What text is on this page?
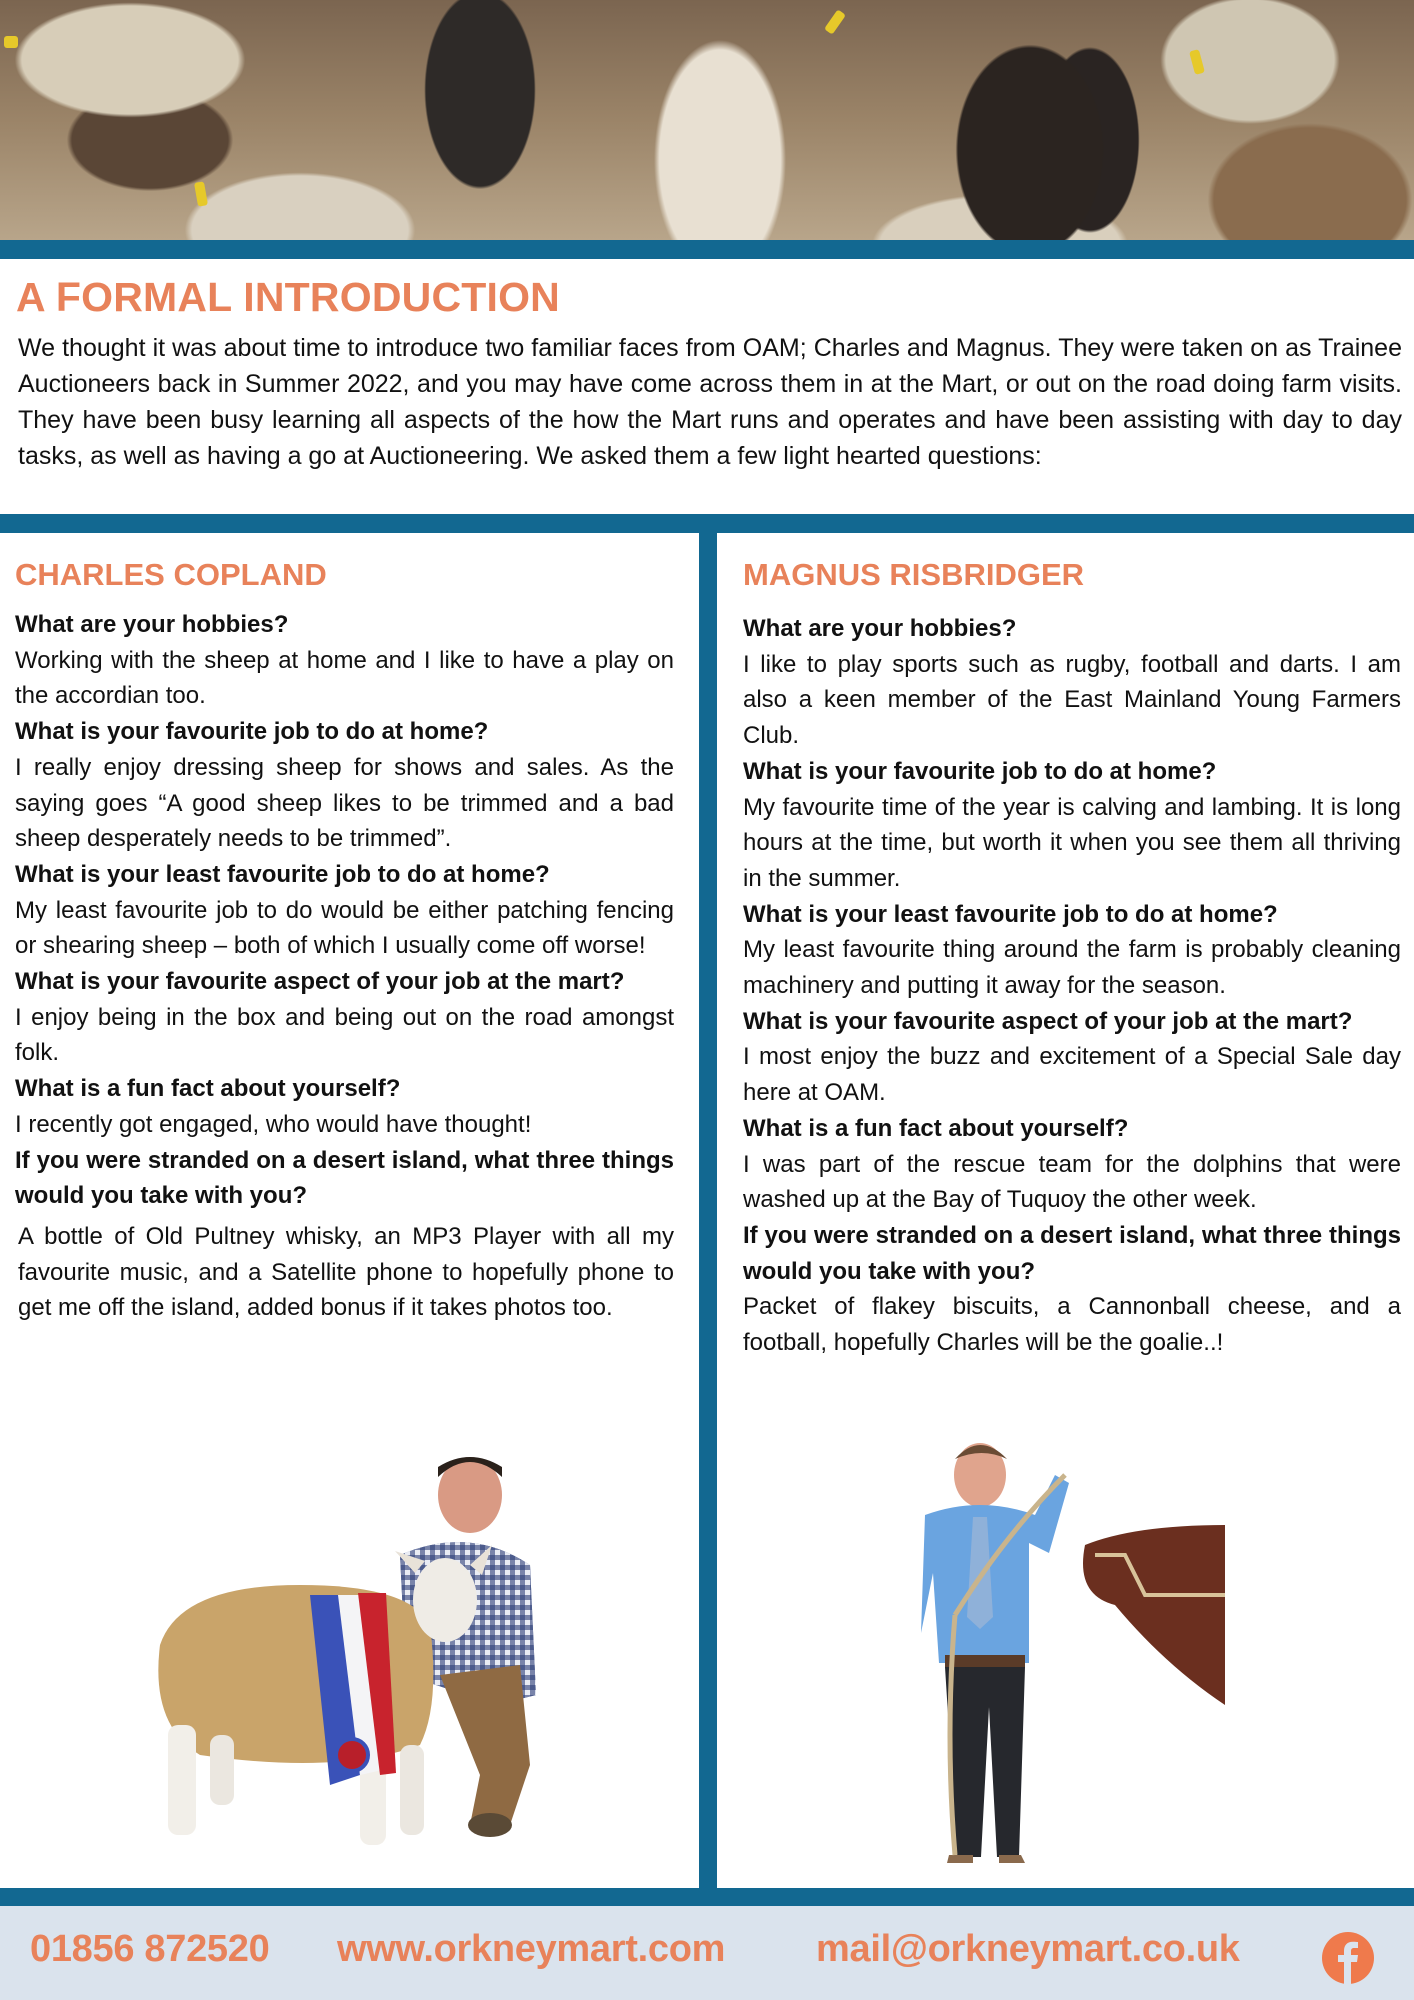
A FORMAL INTRODUCTION

We thought it was about time to introduce two familiar faces from OAM; Charles and Magnus. They were taken on as Trainee Auctioneers back in Summer 2022, and you may have come across them in at the Mart, or out on the road doing farm visits. They have been busy learning all aspects of the how the Mart runs and operates and have been assisting with day to day tasks, as well as having a go at Auctioneering. We asked them a few light hearted questions:

CHARLES COPLAND
What are your hobbies?
Working with the sheep at home and I like to have a play on the accordian too.
What is your favourite job to do at home?
I really enjoy dressing sheep for shows and sales. As the saying goes “A good sheep likes to be trimmed and a bad sheep desperately needs to be trimmed”.
What is your least favourite job to do at home?
My least favourite job to do would be either patching fencing or shearing sheep – both of which I usually come off worse!
What is your favourite aspect of your job at the mart?
I enjoy being in the box and being out on the road amongst folk.
What is a fun fact about yourself?
I recently got engaged, who would have thought!
If you were stranded on a desert island, what three things would you take with you?
A bottle of Old Pultney whisky, an MP3 Player with all my favourite music, and a Satellite phone to hopefully phone to get me off the island, added bonus if it takes photos too.
MAGNUS RISBRIDGER
What are your hobbies?
I like to play sports such as rugby, football and darts. I am also a keen member of the East Mainland Young Farmers Club.
What is your favourite job to do at home?
My favourite time of the year is calving and lambing. It is long hours at the time, but worth it when you see them all thriving in the summer.
What is your least favourite job to do at home?
My least favourite thing around the farm is probably cleaning machinery and putting it away for the season.
What is your favourite aspect of your job at the mart?
I most enjoy the buzz and excitement of a Special Sale day here at OAM.
What is a fun fact about yourself?
I was part of the rescue team for the dolphins that were washed up at the Bay of Tuquoy the other week.
If you were stranded on a desert island, what three things would you take with you?
Packet of flakey biscuits, a Cannonball cheese, and a football, hopefully Charles will be the goalie..!
01856 872520 www.orkneymart.com mail@orkneymart.co.uk
